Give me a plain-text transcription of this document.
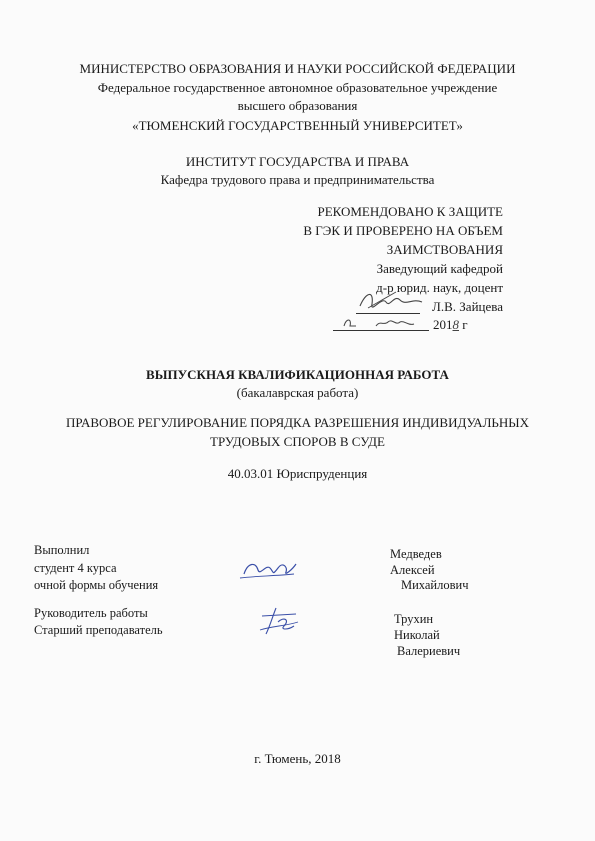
МИНИСТЕРСТВО ОБРАЗОВАНИЯ И НАУКИ РОССИЙСКОЙ ФЕДЕРАЦИИ
Федеральное государственное автономное образовательное учреждение
высшего образования
«ТЮМЕНСКИЙ ГОСУДАРСТВЕННЫЙ УНИВЕРСИТЕТ»
ИНСТИТУТ ГОСУДАРСТВА И ПРАВА
Кафедра трудового права и предпринимательства
РЕКОМЕНДОВАНО К ЗАЩИТЕ
В ГЭК И ПРОВЕРЕНО НА ОБЪЕМ
ЗАИМСТВОВАНИЯ
Заведующий кафедрой
д-р юрид. наук, доцент
Л.В. Зайцева
2018 г
ВЫПУСКНАЯ КВАЛИФИКАЦИОННАЯ РАБОТА
(бакалаврская работа)
ПРАВОВОЕ РЕГУЛИРОВАНИЕ ПОРЯДКА РАЗРЕШЕНИЯ ИНДИВИДУАЛЬНЫХ
ТРУДОВЫХ СПОРОВ В СУДЕ
40.03.01 Юриспруденция
Выполнил
студент 4 курса
очной формы обучения
Медведев
Алексей
Михайлович
Руководитель работы
Старший преподаватель
Трухин
Николай
Валериевич
г. Тюмень, 2018
